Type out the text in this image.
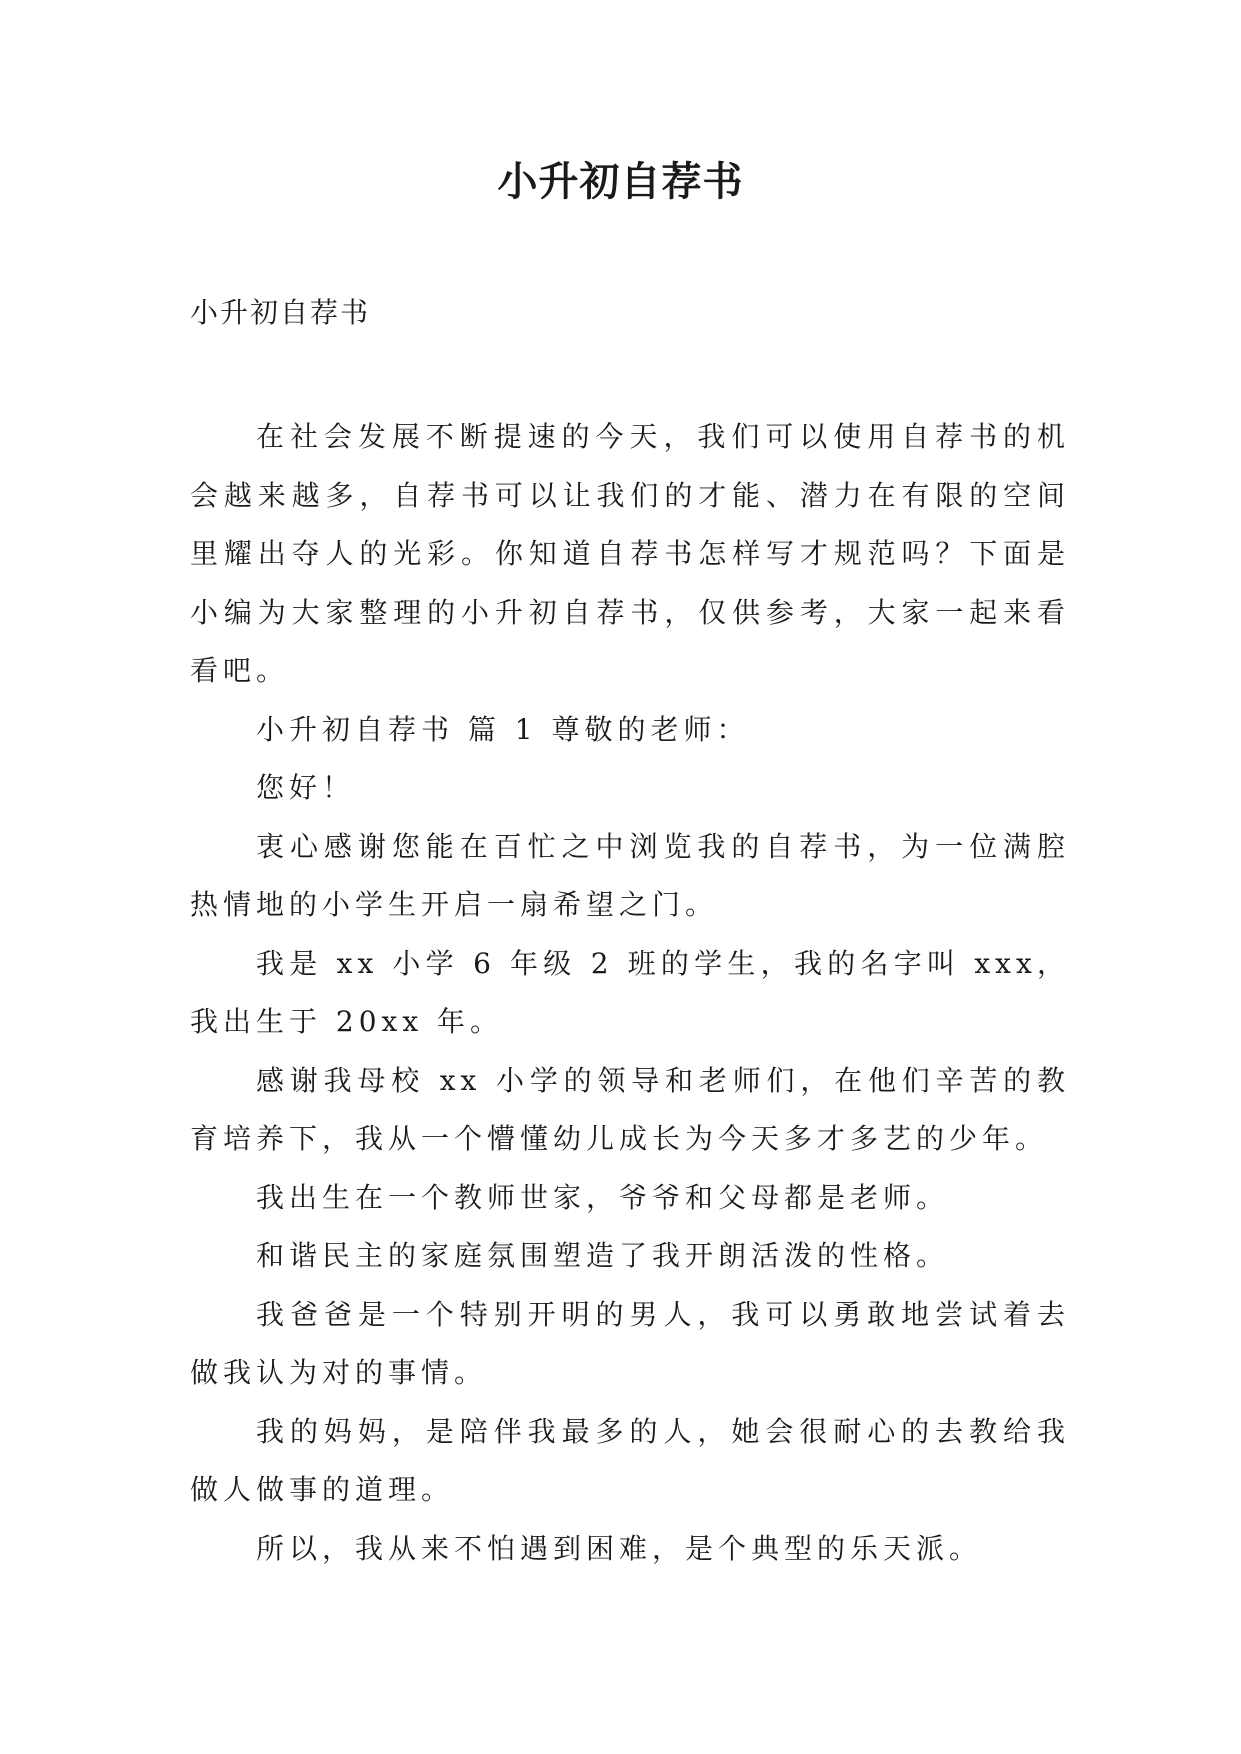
小升初自荐书

小升初自荐书

在社会发展不断提速的今天，我们可以使用自荐书的机会越来越多，自荐书可以让我们的才能、潜力在有限的空间里耀出夺人的光彩。你知道自荐书怎样写才规范吗？下面是小编为大家整理的小升初自荐书，仅供参考，大家一起来看看吧。

小升初自荐书 篇 1 尊敬的老师：

您好！

衷心感谢您能在百忙之中浏览我的自荐书，为一位满腔热情地的小学生开启一扇希望之门。

我是 xx 小学 6 年级 2 班的学生，我的名字叫 xxx，我出生于 20xx 年。

感谢我母校 xx 小学的领导和老师们，在他们辛苦的教育培养下，我从一个懵懂幼儿成长为今天多才多艺的少年。

我出生在一个教师世家，爷爷和父母都是老师。

和谐民主的家庭氛围塑造了我开朗活泼的性格。

我爸爸是一个特别开明的男人，我可以勇敢地尝试着去做我认为对的事情。

我的妈妈，是陪伴我最多的人，她会很耐心的去教给我做人做事的道理。

所以，我从来不怕遇到困难，是个典型的乐天派。
